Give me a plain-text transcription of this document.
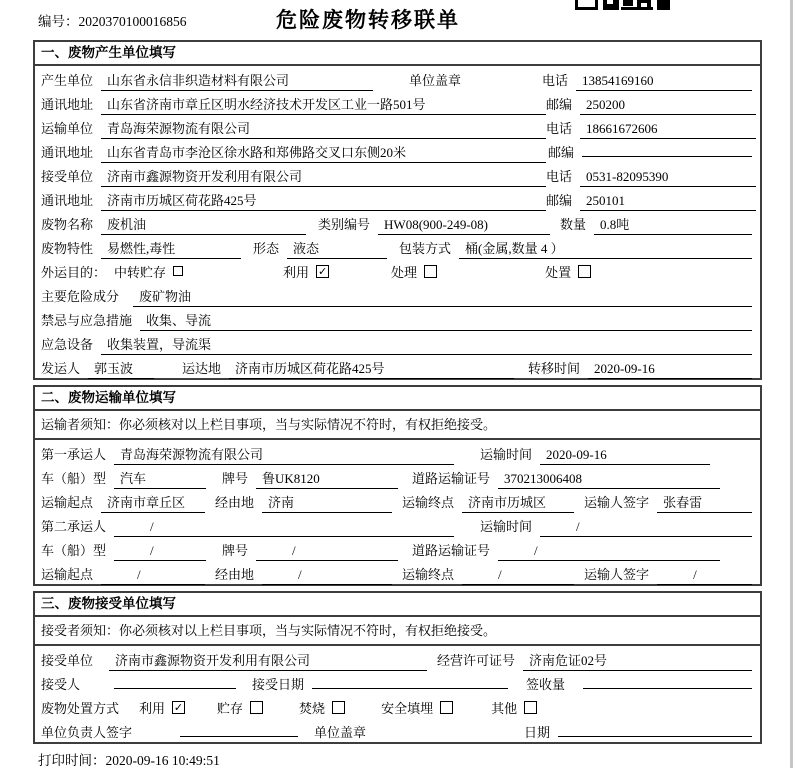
编号：2020370100016856	危险废物转移联单
一、废物产生单位填写
产生单位	山东省永信非织造材料有限公司	单位盖章	电话	13854169160
通讯地址	山东省济南市章丘区明水经济技术开发区工业一路501号	邮编	250200
运输单位	青岛海荣源物流有限公司	电话	18661672606
通讯地址	山东省青岛市李沧区徐水路和郑佛路交叉口东侧20米	邮编
接受单位	济南市鑫源物资开发利用有限公司	电话	0531-82095390
通讯地址	济南市历城区荷花路425号	邮编	250101
废物名称	废机油	类别编号	HW08(900-249-08)	数量	0.8吨
废物特性	易燃性,毒性	形态	液态	包装方式	桶(金属,数量 4 ）
外运目的： 中转贮存	利用 ✓	处理	处置
主要危险成分	废矿物油
禁忌与应急措施	收集、导流
应急设备	收集装置，导流渠
发运人	郭玉波	运达地	济南市历城区荷花路425号	转移时间	2020-09-16
二、废物运输单位填写
运输者须知：你必须核对以上栏目事项，当与实际情况不符时，有权拒绝接受。
第一承运人	青岛海荣源物流有限公司	运输时间	2020-09-16
车（船）型	汽车	牌号	鲁UK8120	道路运输证号	370213006408
运输起点	济南市章丘区	经由地	济南	运输终点	济南市历城区	运输人签字	张春雷
第二承运人	/	运输时间	/
车（船）型	/	牌号	/	道路运输证号	/
运输起点	/	经由地	/	运输终点	/	运输人签字	/
三、废物接受单位填写
接受者须知：你必须核对以上栏目事项，当与实际情况不符时，有权拒绝接受。
接受单位	济南市鑫源物资开发利用有限公司	经营许可证号	济南危证02号
接受人	接受日期	签收量
废物处置方式 利用 ✓	贮存	焚烧	安全填埋	其他
单位负责人签字	单位盖章	日期
打印时间：2020-09-16 10:49:51
